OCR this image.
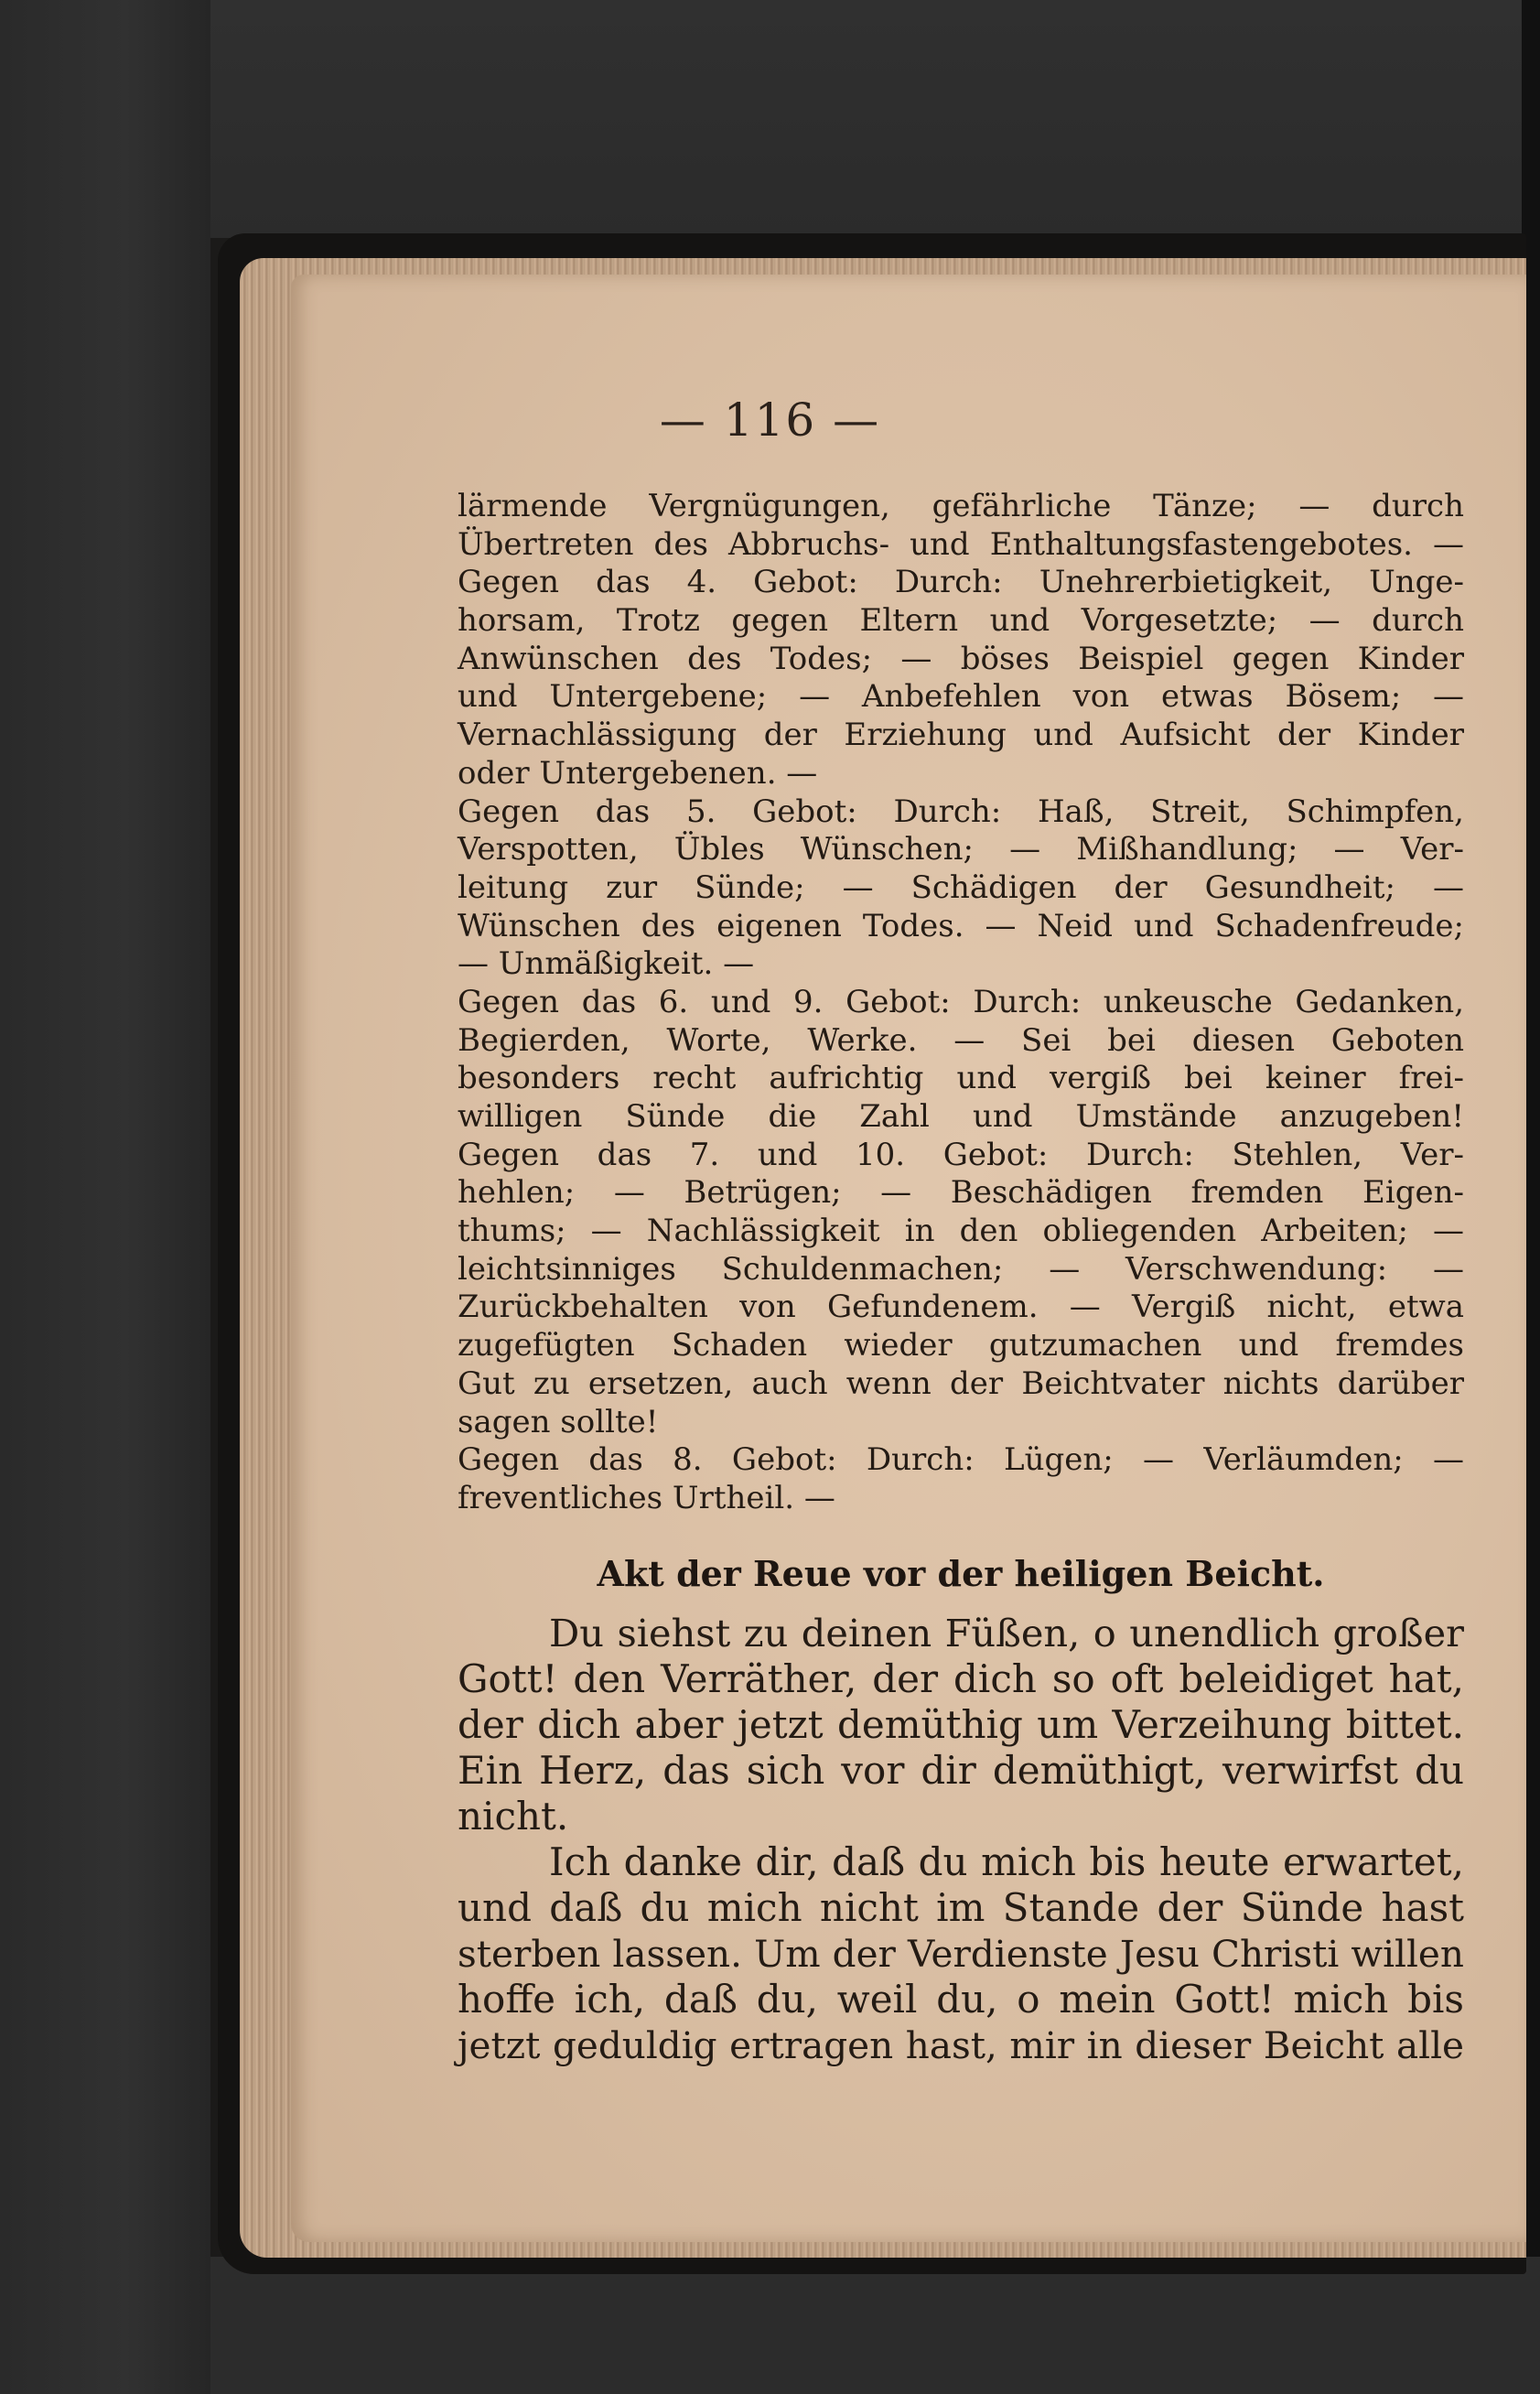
— 116 —
lärmende Vergnügungen, gefährliche Tänze; — durch
Übertreten des Abbruchs- und Enthaltungsfastengebotes. —
Gegen das 4. Gebot: Durch: Unehrerbietigkeit, Unge-
horsam, Trotz gegen Eltern und Vorgesetzte; — durch
Anwünschen des Todes; — böses Beispiel gegen Kinder
und Untergebene; — Anbefehlen von etwas Bösem; —
Vernachlässigung der Erziehung und Aufsicht der Kinder
oder Untergebenen. —
Gegen das 5. Gebot: Durch: Haß, Streit, Schimpfen,
Verspotten, Übles Wünschen; — Mißhandlung; — Ver-
leitung zur Sünde; — Schädigen der Gesundheit; —
Wünschen des eigenen Todes. — Neid und Schadenfreude;
— Unmäßigkeit. —
Gegen das 6. und 9. Gebot: Durch: unkeusche Gedanken,
Begierden, Worte, Werke. — Sei bei diesen Geboten
besonders recht aufrichtig und vergiß bei keiner frei-
willigen Sünde die Zahl und Umstände anzugeben!
Gegen das 7. und 10. Gebot: Durch: Stehlen, Ver-
hehlen; — Betrügen; — Beschädigen fremden Eigen-
thums; — Nachlässigkeit in den obliegenden Arbeiten; —
leichtsinniges Schuldenmachen; — Verschwendung: —
Zurückbehalten von Gefundenem. — Vergiß nicht, etwa
zugefügten Schaden wieder gutzumachen und fremdes
Gut zu ersetzen, auch wenn der Beichtvater nichts darüber
sagen sollte!
Gegen das 8. Gebot: Durch: Lügen; — Verläumden; —
freventliches Urtheil. —
Akt der Reue vor der heiligen Beicht.
Du siehst zu deinen Füßen, o unendlich großer
Gott! den Verräther, der dich so oft beleidiget hat,
der dich aber jetzt demüthig um Verzeihung bittet.
Ein Herz, das sich vor dir demüthigt, verwirfst du
nicht.
Ich danke dir, daß du mich bis heute erwartet,
und daß du mich nicht im Stande der Sünde hast
sterben lassen. Um der Verdienste Jesu Christi willen
hoffe ich, daß du, weil du, o mein Gott! mich bis
jetzt geduldig ertragen hast, mir in dieser Beicht alle
